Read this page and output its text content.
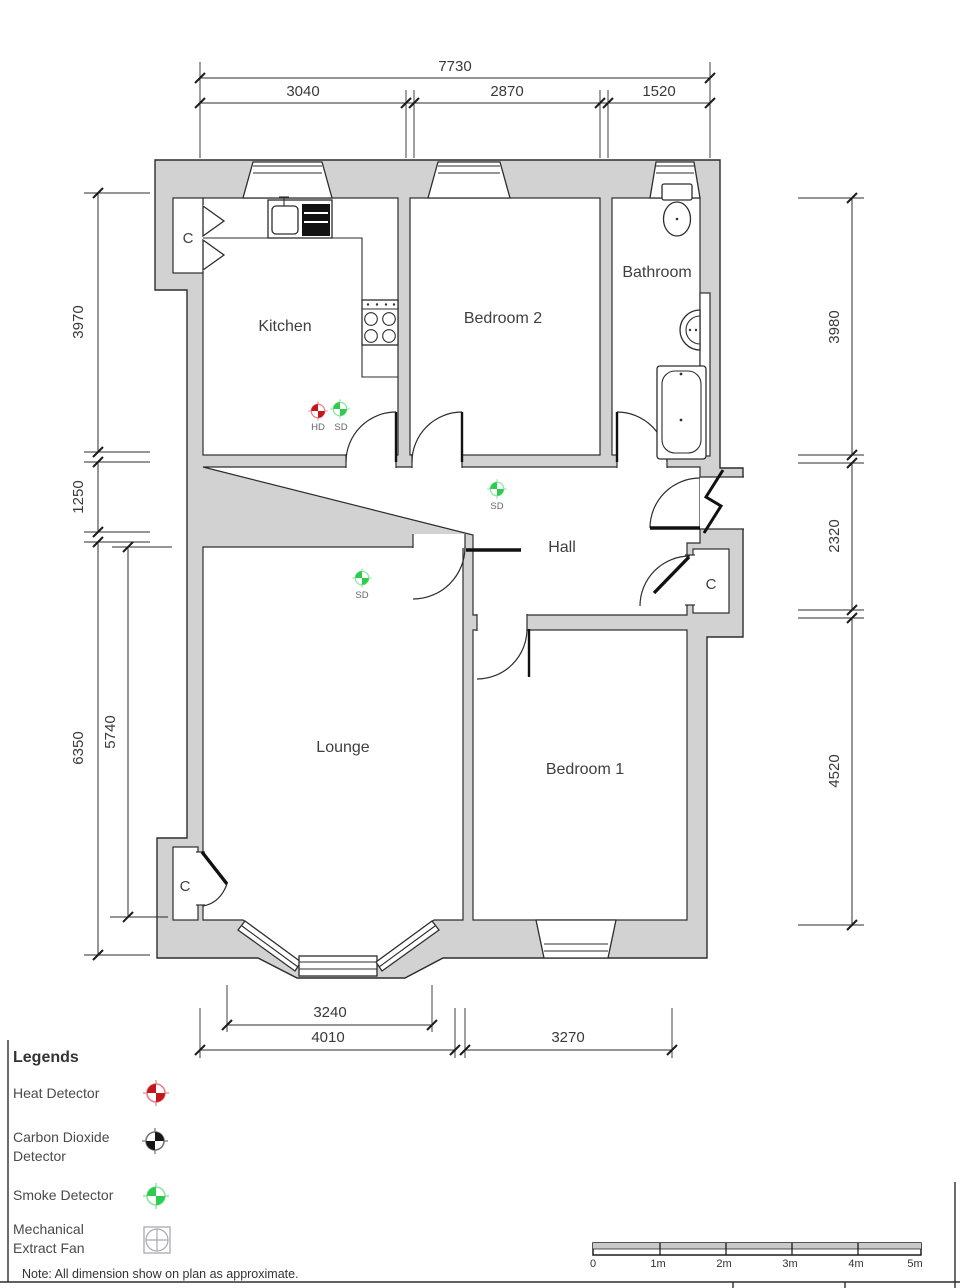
HD SD
SD
SD
Kitchen	Bedroom 2
Bathroom
Hall
Lounge
Bedroom 1
C
C
C
7730
3040	2870	1520
3970
1250
6350 5740
3980
2320
4520
3240
4010	3270
Legends
Heat Detector
Carbon Dioxide
Detector
Smoke Detector
Mechanical
Extract Fan
Note: All dimension show on plan as approximate.
0	1m	2m	3m	4m	5m
